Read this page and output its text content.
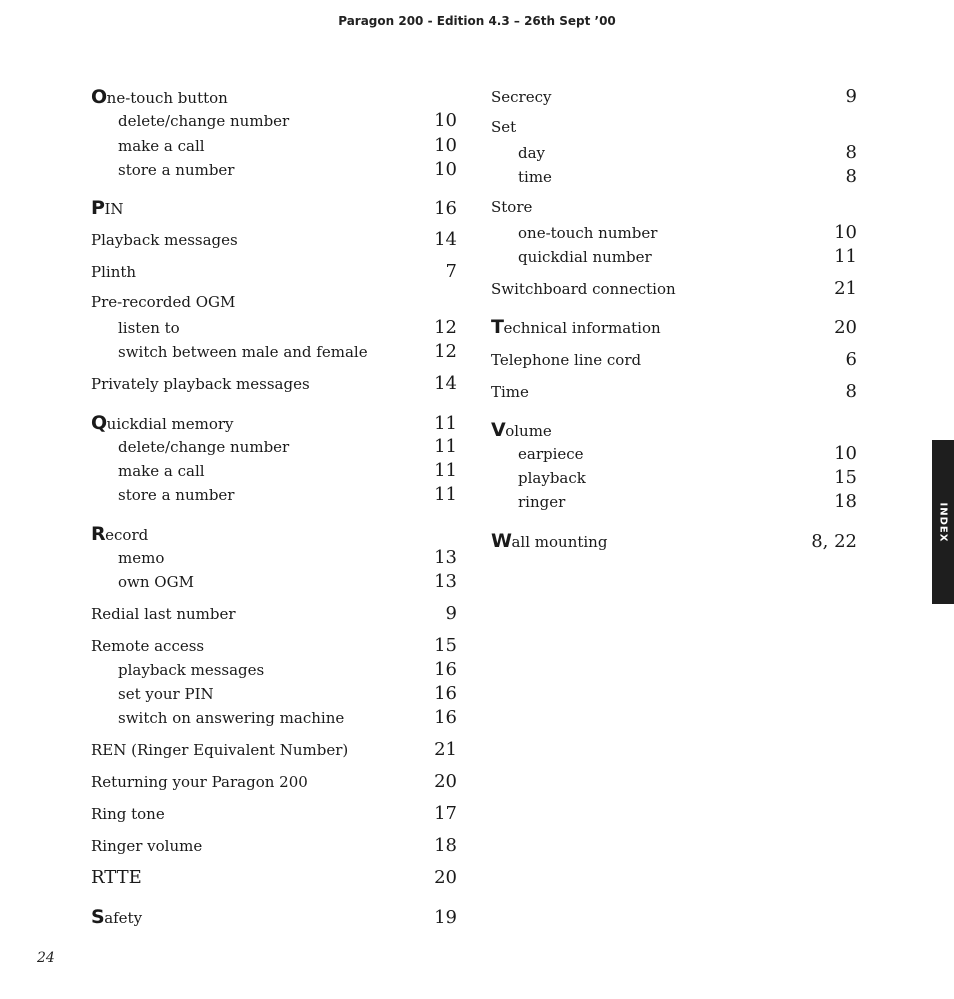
Paragon 200 - Edition 4.3 – 26th Sept ’00
One-touch button
delete/change number	10
make a call	10
store a number	10
PIN	16
Playback messages	14
Plinth	7
Pre-recorded OGM
listen to	12
switch between male and female	12
Privately playback messages	14
Quickdial memory	11
delete/change number	11
make a call	11
store a number	11
Record
memo	13
own OGM	13
Redial last number	9
Remote access	15
playback messages	16
set your PIN	16
switch on answering machine	16
REN (Ringer Equivalent Number)	21
Returning your Paragon 200	20
Ring tone	17
Ringer volume	18
RTTE	20
Safety	19
Secrecy	9
Set
day	8
time	8
Store
one-touch number	10
quickdial number	11
Switchboard connection	21
Technical information	20
Telephone line cord	6
Time	8
Volume
earpiece	10
playback	15
ringer	18
Wall mounting	8, 22	INDEX
24
